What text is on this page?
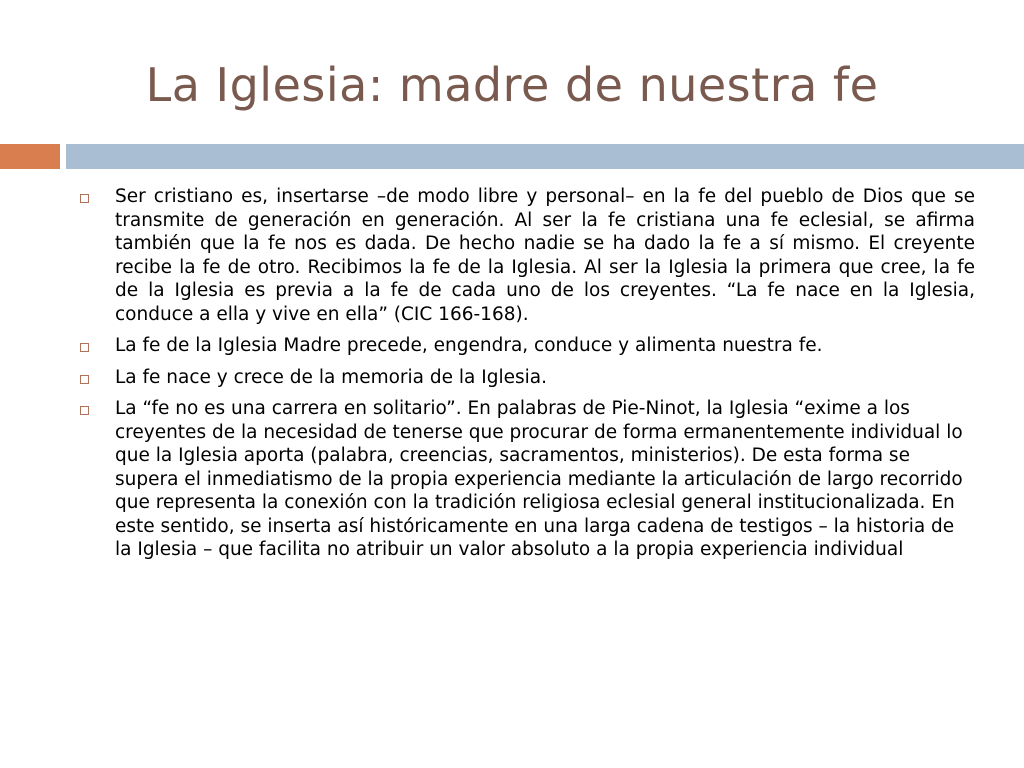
La Iglesia: madre de nuestra fe
Ser cristiano es, insertarse –de modo libre y personal– en la fe del pueblo de Dios que se transmite de generación en generación. Al ser la fe cristiana una fe eclesial, se afirma también que la fe nos es dada. De hecho nadie se ha dado la fe a sí mismo. El creyente recibe la fe de otro. Recibimos la fe de la Iglesia. Al ser la Iglesia la primera que cree, la fe de la Iglesia es previa a la fe de cada uno de los creyentes. “La fe nace en la Iglesia, conduce a ella y vive en ella” (CIC 166-168).
La fe de la Iglesia Madre precede, engendra, conduce y alimenta nuestra fe.
La fe nace y crece de la memoria de la Iglesia.
La “fe no es una carrera en solitario”. En palabras de Pie-Ninot, la Iglesia “exime a los creyentes de la necesidad de tenerse que procurar de forma ermanentemente individual lo que la Iglesia aporta (palabra, creencias, sacramentos, ministerios). De esta forma se supera el inmediatismo de la propia experiencia mediante la articulación de largo recorrido que representa la conexión con la tradición religiosa eclesial general institucionalizada. En este sentido, se inserta así históricamente en una larga cadena de testigos – la historia de la Iglesia – que facilita no atribuir un valor absoluto a la propia experiencia individual
